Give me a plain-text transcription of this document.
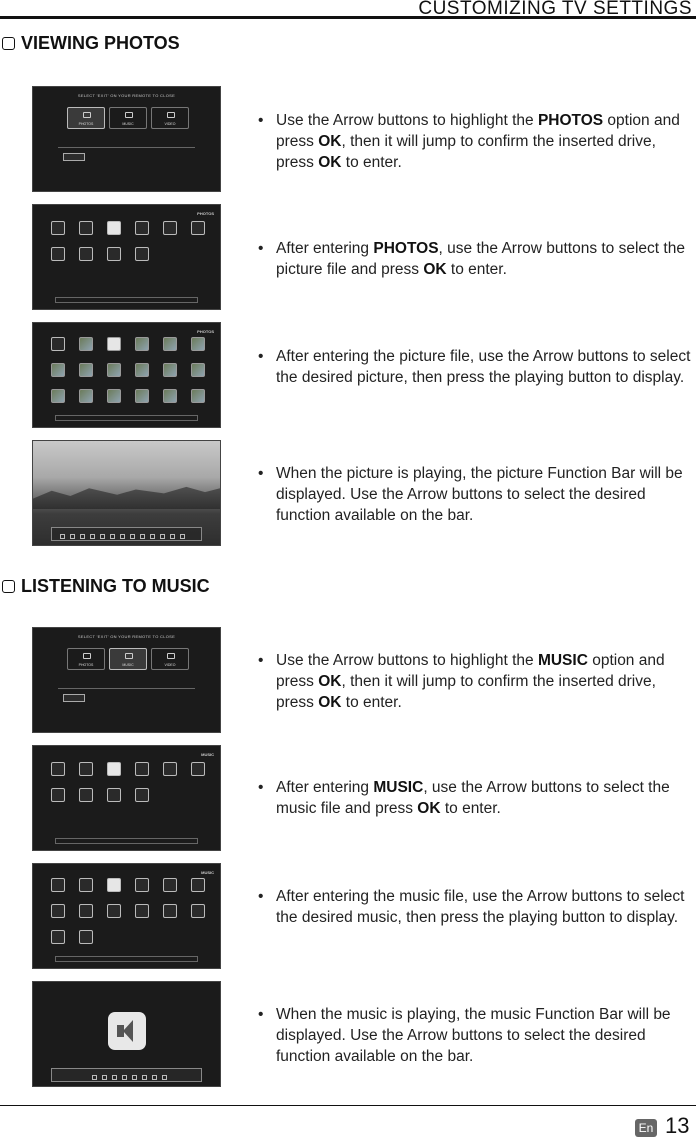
CUSTOMIZING TV SETTINGS
VIEWING PHOTOS
SELECT 'EXIT' ON YOUR REMOTE TO CLOSE
PHOTOS	MUSIC	VIDEO	• Use the Arrow buttons to highlight the PHOTOS option and press OK, then it will jump to confirm the inserted drive, press OK to enter.
PHOTOS
• After entering PHOTOS, use the Arrow buttons to select the picture file and press OK to enter.
PHOTOS
• After entering the picture file, use the Arrow buttons to select the desired picture, then press the playing button to display.
• When the picture is playing, the picture Function Bar will be displayed. Use the Arrow buttons to select the desired function available on the bar.
LISTENING TO MUSIC
SELECT 'EXIT' ON YOUR REMOTE TO CLOSE
PHOTOS	MUSIC	VIDEO	• Use the Arrow buttons to highlight the MUSIC option and press OK, then it will jump to confirm the inserted drive, press OK to enter.
MUSIC
• After entering MUSIC, use the Arrow buttons to select the music file and press OK to enter.
MUSIC
• After entering the music file, use the Arrow buttons to select the desired music, then press the playing button to display.
• When the music is playing, the music Function Bar will be displayed. Use the Arrow buttons to select the desired function available on the bar.
En 13
